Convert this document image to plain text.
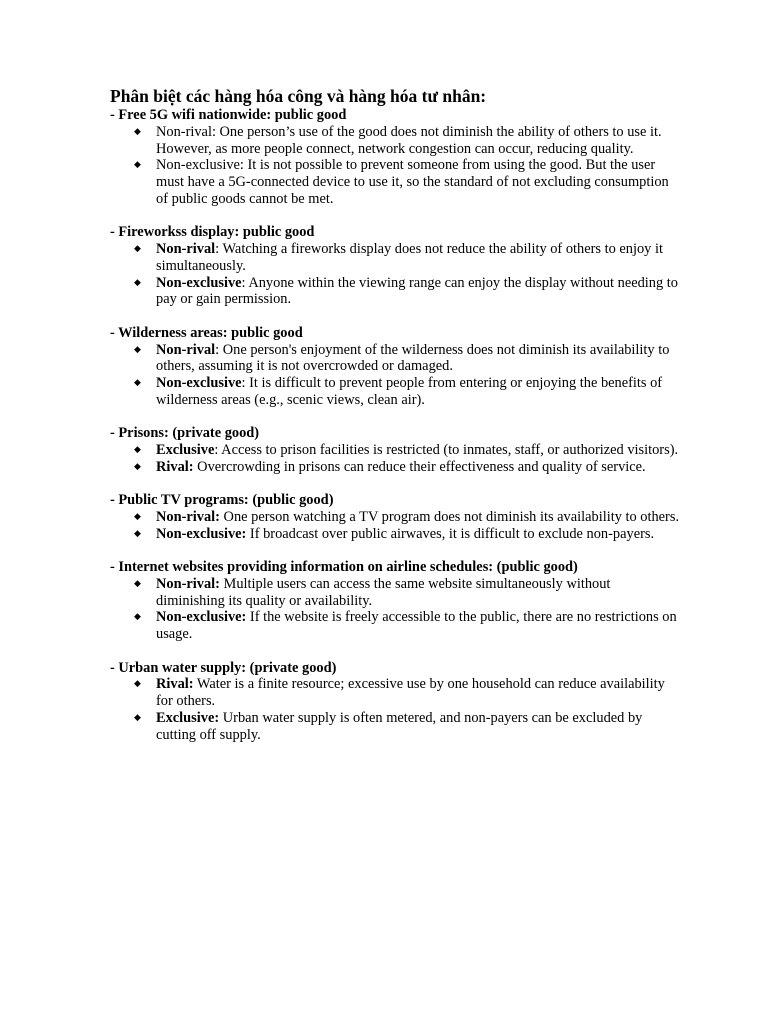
Phân biệt các hàng hóa công và hàng hóa tư nhân:
- Free 5G wifi nationwide: public good
◆ Non-rival: One person’s use of the good does not diminish the ability of others to use it. However, as more people connect, network congestion can occur, reducing quality.
◆ Non-exclusive: It is not possible to prevent someone from using the good. But the user must have a 5G-connected device to use it, so the standard of not excluding consumption of public goods cannot be met.
- Fireworkss display: public good
◆ Non-rival: Watching a fireworks display does not reduce the ability of others to enjoy it simultaneously.
◆ Non-exclusive: Anyone within the viewing range can enjoy the display without needing to pay or gain permission.
- Wilderness areas: public good
◆ Non-rival: One person's enjoyment of the wilderness does not diminish its availability to others, assuming it is not overcrowded or damaged.
◆ Non-exclusive: It is difficult to prevent people from entering or enjoying the benefits of wilderness areas (e.g., scenic views, clean air).
- Prisons: (private good)
◆ Exclusive: Access to prison facilities is restricted (to inmates, staff, or authorized visitors).
◆ Rival: Overcrowding in prisons can reduce their effectiveness and quality of service.
- Public TV programs: (public good)
◆ Non-rival: One person watching a TV program does not diminish its availability to others.
◆ Non-exclusive: If broadcast over public airwaves, it is difficult to exclude non-payers.
- Internet websites providing information on airline schedules: (public good)
◆ Non-rival: Multiple users can access the same website simultaneously without diminishing its quality or availability.
◆ Non-exclusive: If the website is freely accessible to the public, there are no restrictions on usage.
- Urban water supply: (private good)
◆ Rival: Water is a finite resource; excessive use by one household can reduce availability for others.
◆ Exclusive: Urban water supply is often metered, and non-payers can be excluded by cutting off supply.
